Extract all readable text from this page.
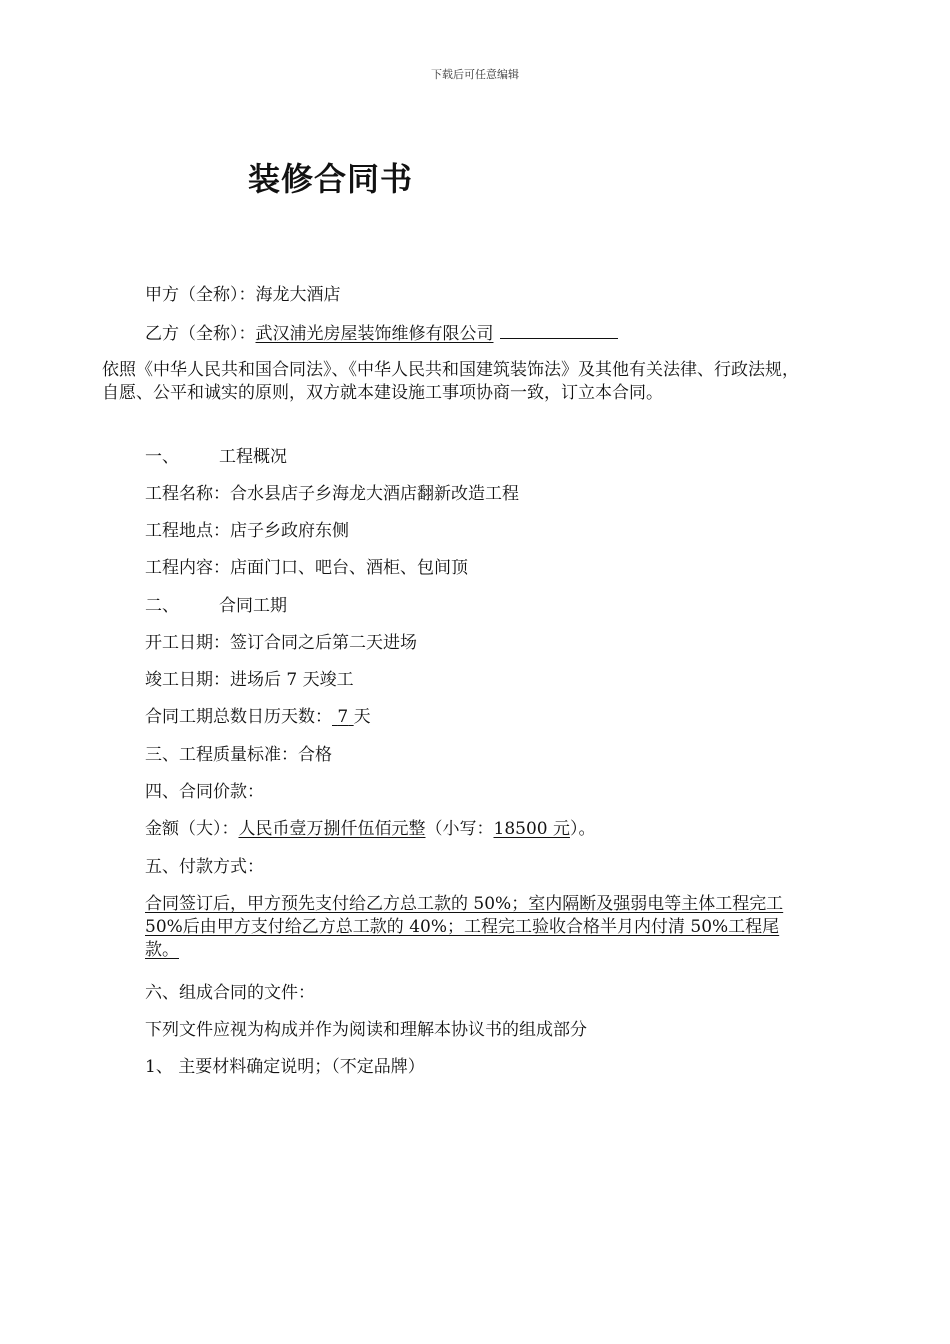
下载后可任意编辑
装修合同书
甲方（全称）：海龙大酒店
乙方（全称）：武汉浦光房屋装饰维修有限公司
依照《中华人民共和国合同法》、《中华人民共和国建筑装饰法》及其他有关法律、行政法规，自愿、公平和诚实的原则，双方就本建设施工事项协商一致，订立本合同。
一、 工程概况
工程名称：合水县店子乡海龙大酒店翻新改造工程
工程地点：店子乡政府东侧
工程内容：店面门口、吧台、酒柜、包间顶
二、 合同工期
开工日期：签订合同之后第二天进场
竣工日期：进场后 7 天竣工
合同工期总数日历天数： 7 天
三、工程质量标准：合格
四、合同价款：
金额（大）：人民币壹万捌仟伍佰元整（小写：18500 元）。
五、付款方式：
合同签订后，甲方预先支付给乙方总工款的 50%；室内隔断及强弱电等主体工程完工 50%后由甲方支付给乙方总工款的 40%；工程完工验收合格半月内付清 50%工程尾款。
六、组成合同的文件：
下列文件应视为构成并作为阅读和理解本协议书的组成部分
1、 主要材料确定说明；（不定品牌）
